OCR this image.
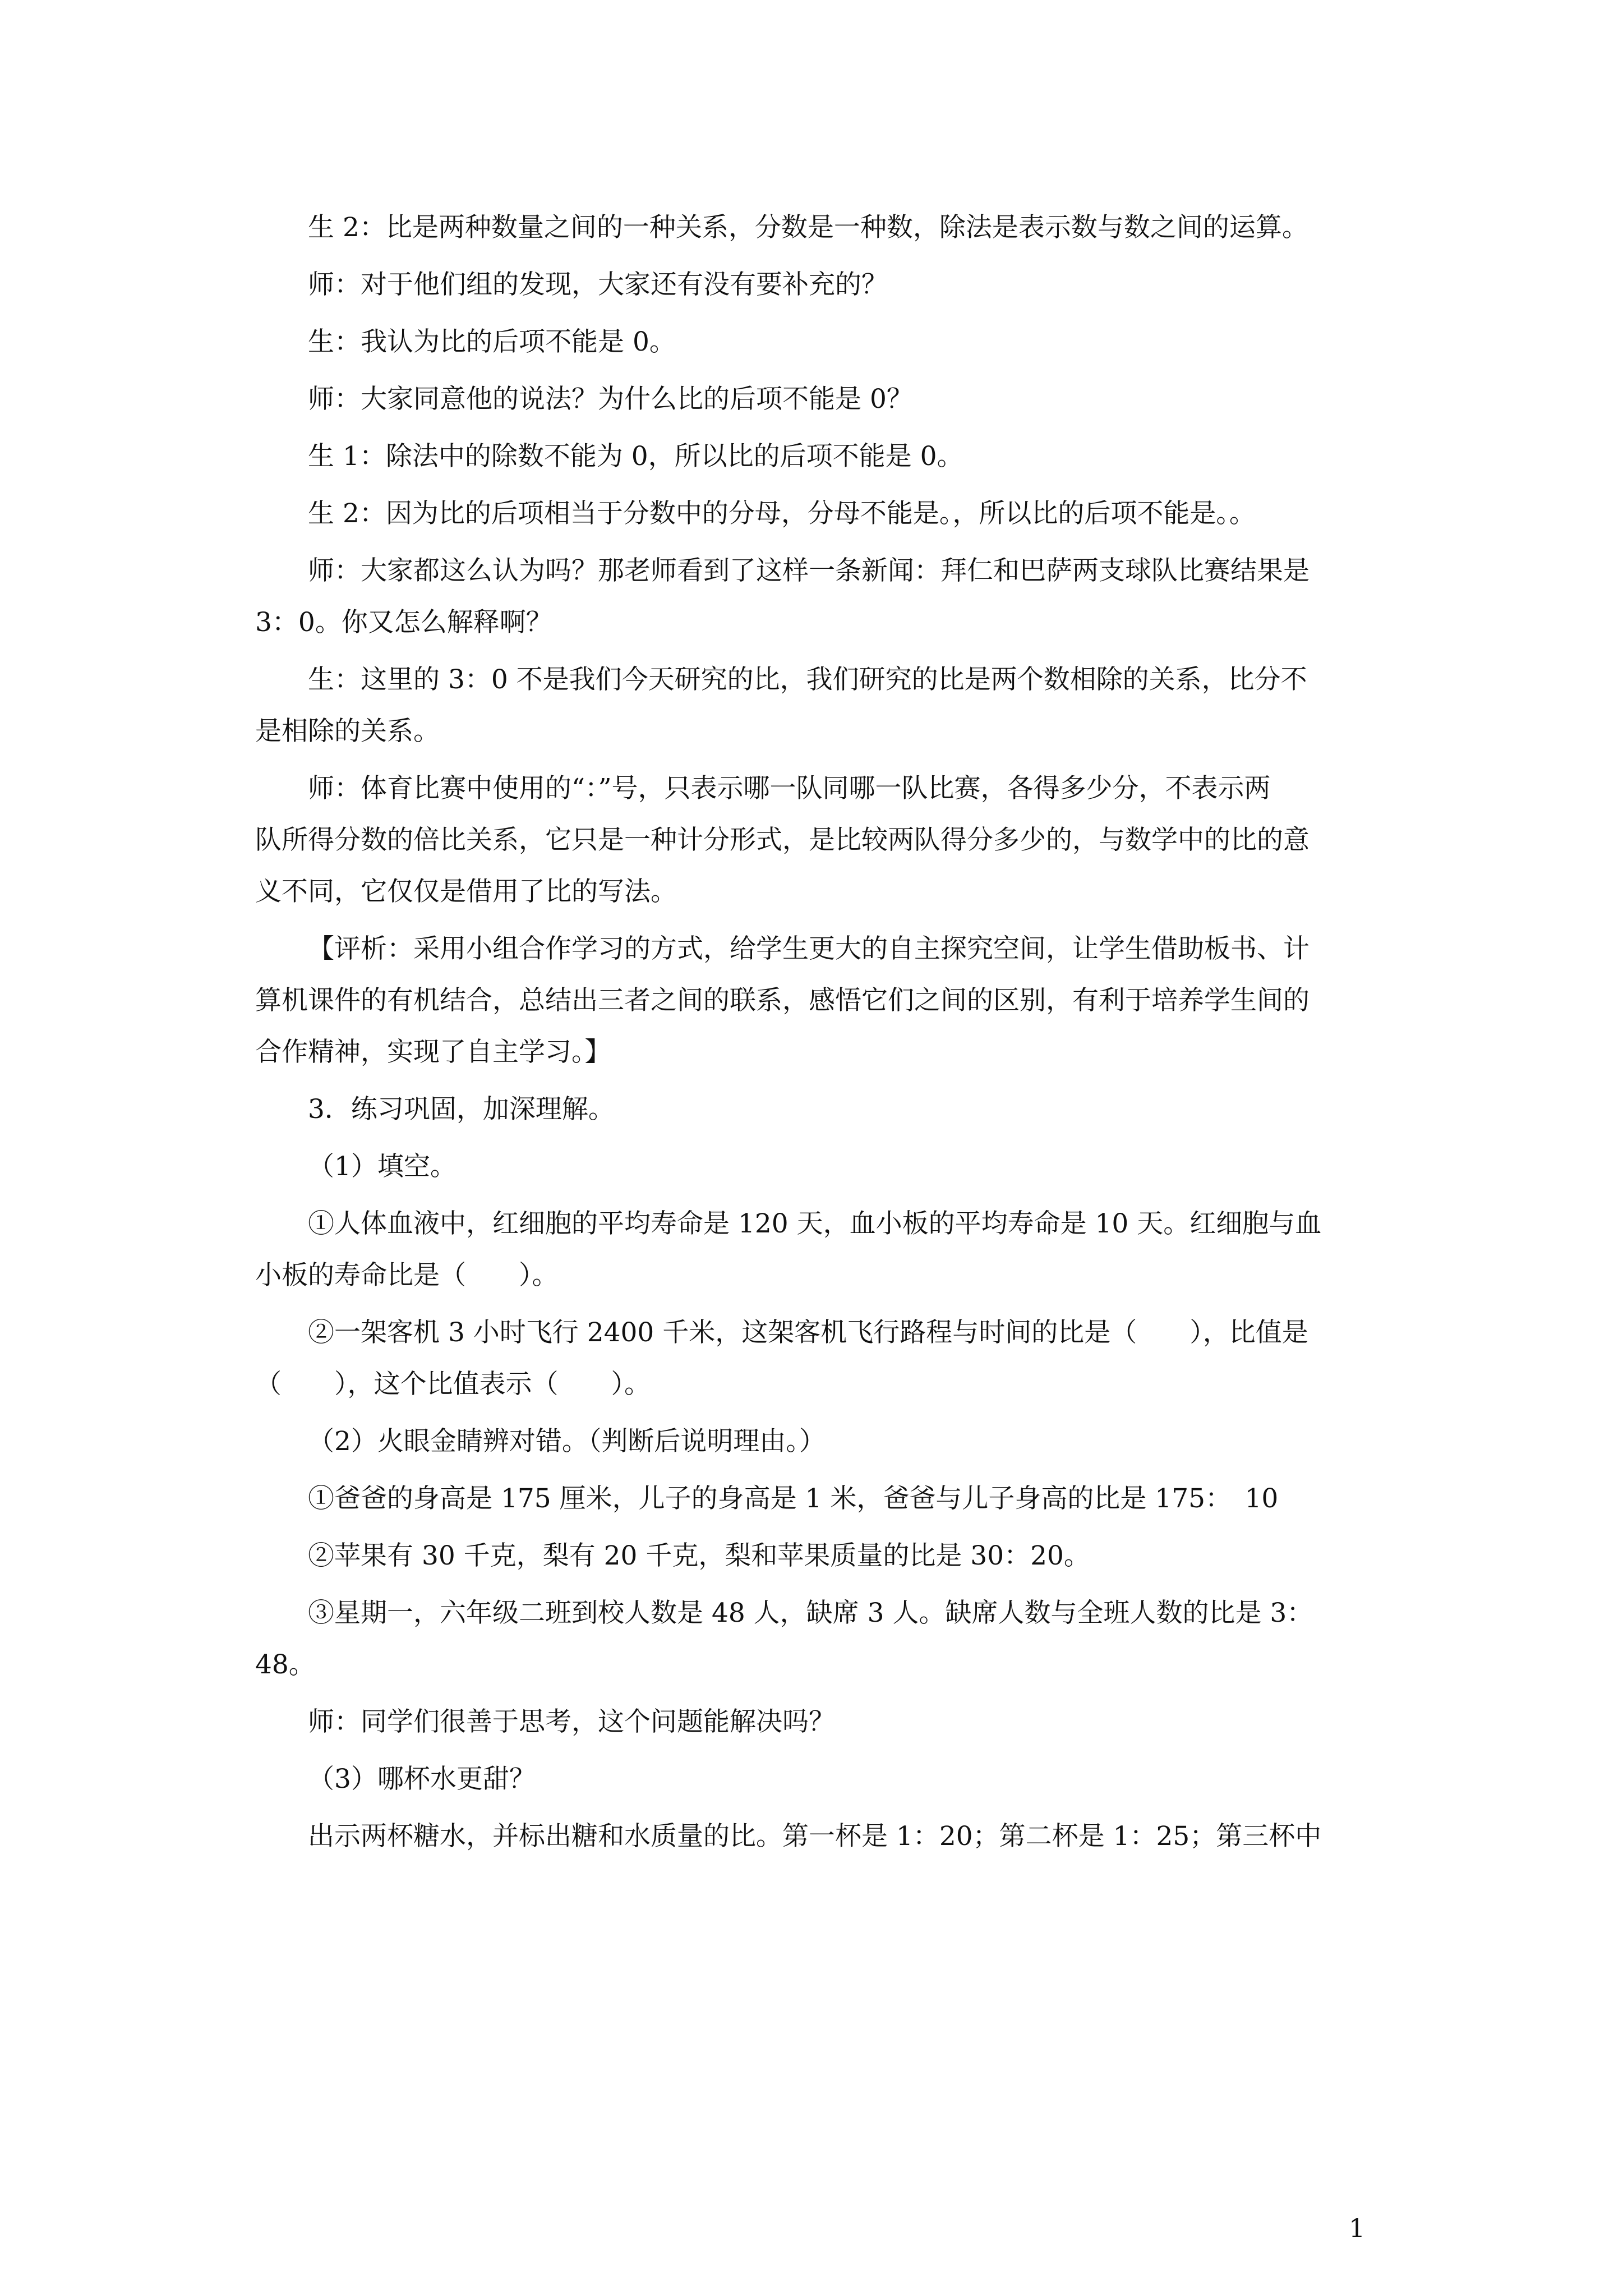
生 2：比是两种数量之间的一种关系，分数是一种数，除法是表示数与数之间的运算。
师：对于他们组的发现，大家还有没有要补充的？
生：我认为比的后项不能是 0。
师：大家同意他的说法？为什么比的后项不能是 0？
生 1：除法中的除数不能为 0，所以比的后项不能是 0。
生 2：因为比的后项相当于分数中的分母，分母不能是。，所以比的后项不能是。。
师：大家都这么认为吗？那老师看到了这样一条新闻：拜仁和巴萨两支球队比赛结果是
3：0。你又怎么解释啊？
生：这里的 3：0 不是我们今天研究的比，我们研究的比是两个数相除的关系，比分不
是相除的关系。
师：体育比赛中使用的“：”号，只表示哪一队同哪一队比赛，各得多少分，不表示两
队所得分数的倍比关系，它只是一种计分形式，是比较两队得分多少的，与数学中的比的意
义不同，它仅仅是借用了比的写法。
【评析：采用小组合作学习的方式，给学生更大的自主探究空间，让学生借助板书、计
算机课件的有机结合，总结出三者之间的联系，感悟它们之间的区别，有利于培养学生间的
合作精神，实现了自主学习。】
3．练习巩固，加深理解。
（1）填空。
①人体血液中，红细胞的平均寿命是 120 天，血小板的平均寿命是 10 天。红细胞与血
小板的寿命比是（　　）。
②一架客机 3 小时飞行 2400 千米，这架客机飞行路程与时间的比是（　　），比值是
（　　），这个比值表示（　　）。
（2）火眼金睛辨对错。（判断后说明理由。）
①爸爸的身高是 175 厘米，儿子的身高是 1 米，爸爸与儿子身高的比是 175：　10
②苹果有 30 千克，梨有 20 千克，梨和苹果质量的比是 30：20。
③星期一，六年级二班到校人数是 48 人，缺席 3 人。缺席人数与全班人数的比是 3：
48。
师：同学们很善于思考，这个问题能解决吗？
（3）哪杯水更甜？
出示两杯糖水，并标出糖和水质量的比。第一杯是 1：20；第二杯是 1：25；第三杯中
1
